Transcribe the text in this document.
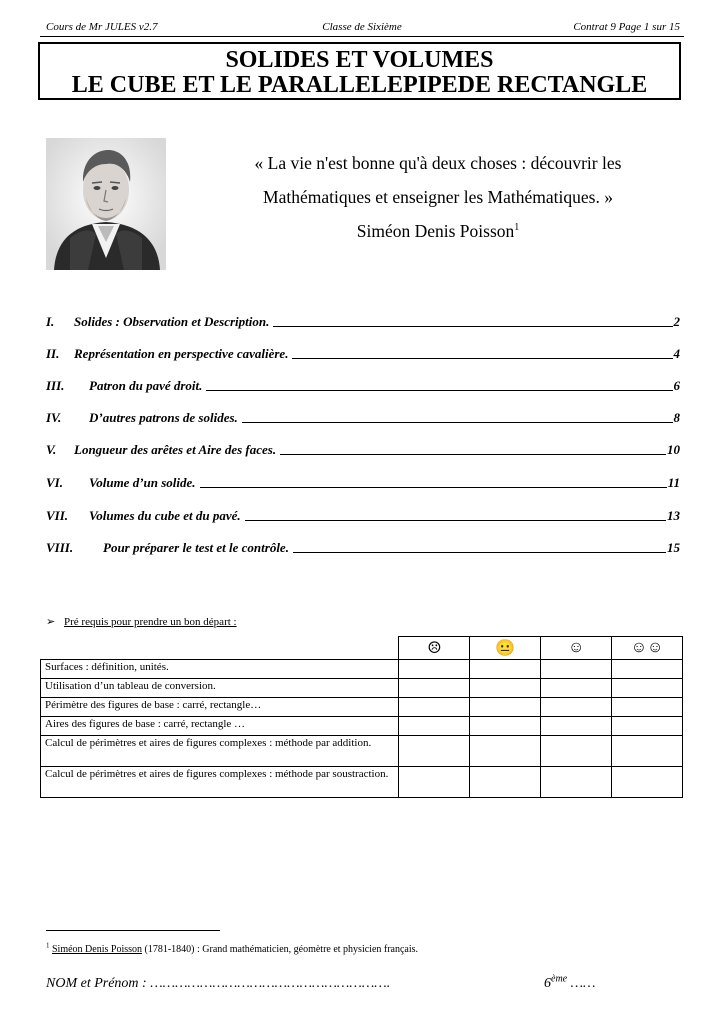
Cours de Mr JULES v2.7	Classe de Sixième	Contrat 9 Page 1 sur 15
SOLIDES ET VOLUMES
LE CUBE ET LE PARALLELEPIPEDE RECTANGLE
« La vie n'est bonne qu'à deux choses : découvrir les
Mathématiques et enseigner les Mathématiques. »
Siméon Denis Poisson$^1$
I.	Solides : Observation et Description.	2
II.	Représentation en perspective cavalière.	4
III.	Patron du pavé droit.	6
IV.	D’autres patrons de solides.	8
V.	Longueur des arêtes et Aire des faces.	10
VI.	Volume d’un solide.	11
VII.	Volumes du cube et du pavé.	13
VIII.	Pour préparer le test et le contrôle.	15
➢ Pré requis pour prendre un bon départ :
	☹	😐	☺	☺☺
Surfaces : définition, unités.				
Utilisation d’un tableau de conversion.				
Périmètre des figures de base : carré, rectangle…				
Aires des figures de base : carré, rectangle …				
Calcul de périmètres et aires de figures complexes : méthode par addition.				
Calcul de périmètres et aires de figures complexes : méthode par soustraction.				
$^1$ Siméon Denis Poisson (1781-1840) : Grand mathématicien, géomètre et physicien français.
NOM et Prénom : ………………………………………………….	6ème ……
